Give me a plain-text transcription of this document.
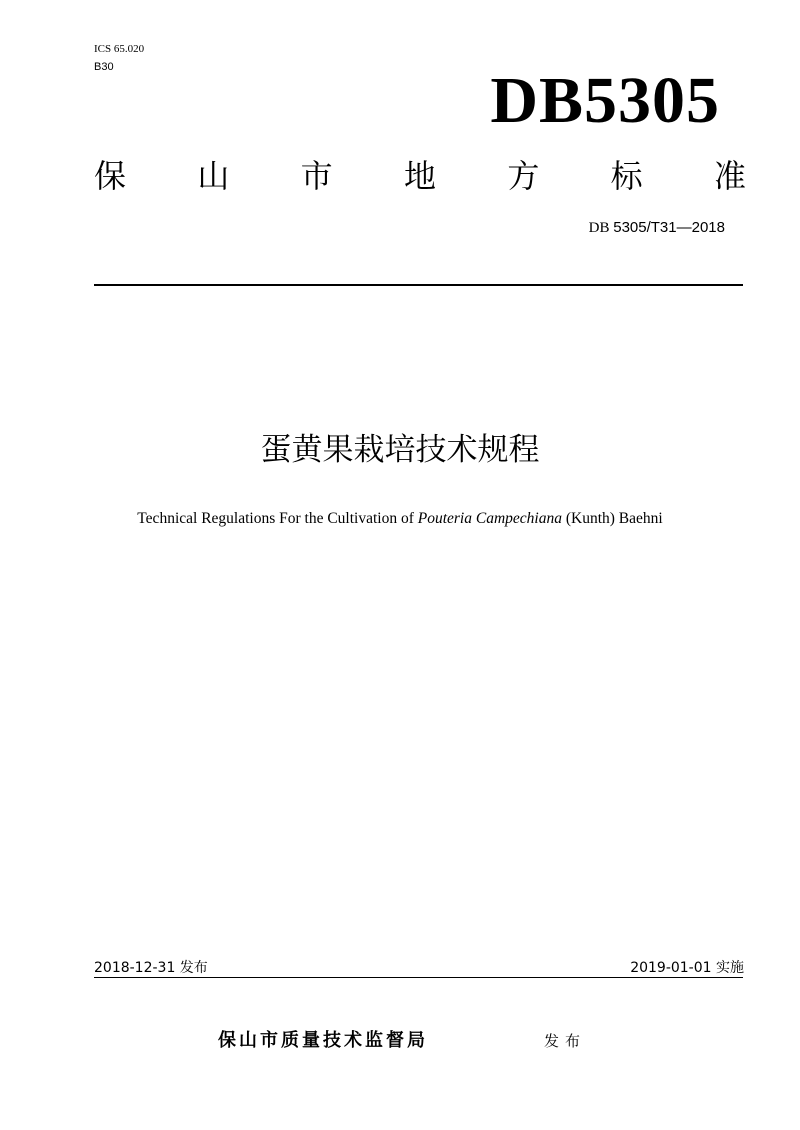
ICS 65.020
B30	DB5305
保 山 市 地 方 标 准
DB 5305/T31—2018
蛋黄果栽培技术规程
Technical Regulations For the Cultivation of Pouteria Campechiana (Kunth) Baehni
2018-12-31 发布	2019-01-01 实施
保山市质量技术监督局	发布
